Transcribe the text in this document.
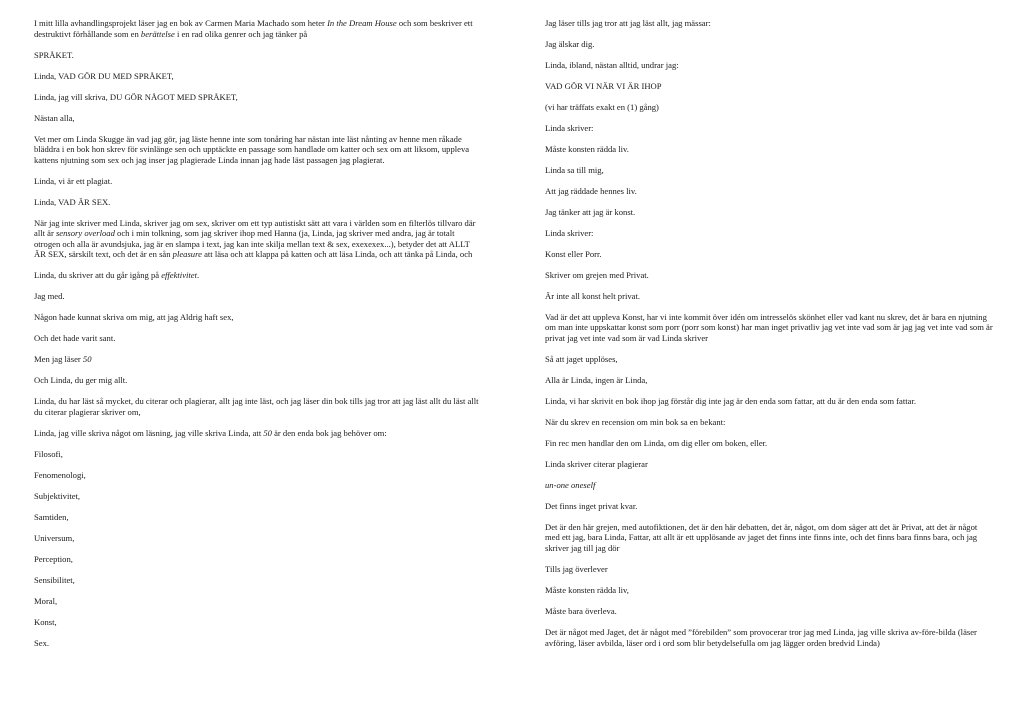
I mitt lilla avhandlingsprojekt läser jag en bok av Carmen Maria Machado som heter In the Dream House och som beskriver ett destruktivt förhållande som en berättelse i en rad olika genrer och jag tänker på

SPRÅKET.

Linda, VAD GÖR DU MED SPRÅKET,

Linda, jag vill skriva, DU GÖR NÅGOT MED SPRÅKET,

Nästan alla,

Vet mer om Linda Skugge än vad jag gör, jag läste henne inte som tonåring har nästan inte läst nånting av henne men råkade bläddra i en bok hon skrev för svinlänge sen och upptäckte en passage som handlade om katter och sex om att liksom, uppleva kattens njutning som sex och jag inser jag plagierade Linda innan jag hade läst passagen jag plagierat.

Linda, vi är ett plagiat.

Linda, VAD ÄR SEX.

När jag inte skriver med Linda, skriver jag om sex, skriver om ett typ autistiskt sätt att vara i världen som en filterlös tillvaro där allt är sensory overload och i min tolkning, som jag skriver ihop med Hanna (ja, Linda, jag skriver med andra, jag är totalt otrogen och alla är avundsjuka, jag är en slampa i text, jag kan inte skilja mellan text & sex, exexexex...), betyder det att ALLT ÄR SEX, särskilt text, och det är en sån pleasure att läsa och att klappa på katten och att läsa Linda, och att tänka på Linda, och

Linda, du skriver att du går igång på effektivitet.

Jag med.

Någon hade kunnat skriva om mig, att jag Aldrig haft sex,

Och det hade varit sant.

Men jag läser 50

Och Linda, du ger mig allt.

Linda, du har läst så mycket, du citerar och plagierar, allt jag inte läst, och jag läser din bok tills jag tror att jag läst allt du läst allt du citerar plagierar skriver om,

Linda, jag ville skriva något om läsning, jag ville skriva Linda, att 50 är den enda bok jag behöver om:

Filosofi,

Fenomenologi,

Subjektivitet,

Samtiden,

Universum,

Perception,

Sensibilitet,

Moral,

Konst,

Sex.

Jag läser tills jag tror att jag läst allt, jag mässar:

Jag älskar dig.

Linda, ibland, nästan alltid, undrar jag:

VAD GÖR VI NÄR VI ÄR IHOP

(vi har träffats exakt en (1) gång)

Linda skriver:

Måste konsten rädda liv.

Linda sa till mig,

Att jag räddade hennes liv.

Jag tänker att jag är konst.

Linda skriver:

Konst eller Porr.

Skriver om grejen med Privat.

Är inte all konst helt privat.

Vad är det att uppleva Konst, har vi inte kommit över idén om intresselös skönhet eller vad kant nu skrev, det är bara en njutning om man inte uppskattar konst som porr (porr som konst) har man inget privatliv jag vet inte vad som är jag jag vet inte vad som är privat jag vet inte vad som är vad Linda skriver

Så att jaget upplöses,

Alla är Linda, ingen är Linda,

Linda, vi har skrivit en bok ihop jag förstår dig inte jag är den enda som fattar, att du är den enda som fattar.

När du skrev en recension om min bok sa en bekant:

Fin rec men handlar den om Linda, om dig eller om boken, eller.

Linda skriver citerar plagierar

un-one oneself

Det finns inget privat kvar.

Det är den här grejen, med autofiktionen, det är den här debatten, det är, något, om dom säger att det är Privat, att det är något med ett jag, bara Linda, Fattar, att allt är ett upplösande av jaget det finns inte finns inte, och det finns bara finns bara, och jag skriver jag till jag dör

Tills jag överlever

Måste konsten rädda liv,

Måste bara överleva.

Det är något med Jaget, det är något med ”förebilden” som provocerar tror jag med Linda, jag ville skriva av-före-bilda (läser avföring, läser avbilda, läser ord i ord som blir betydelsefulla om jag lägger orden bredvid Linda)
